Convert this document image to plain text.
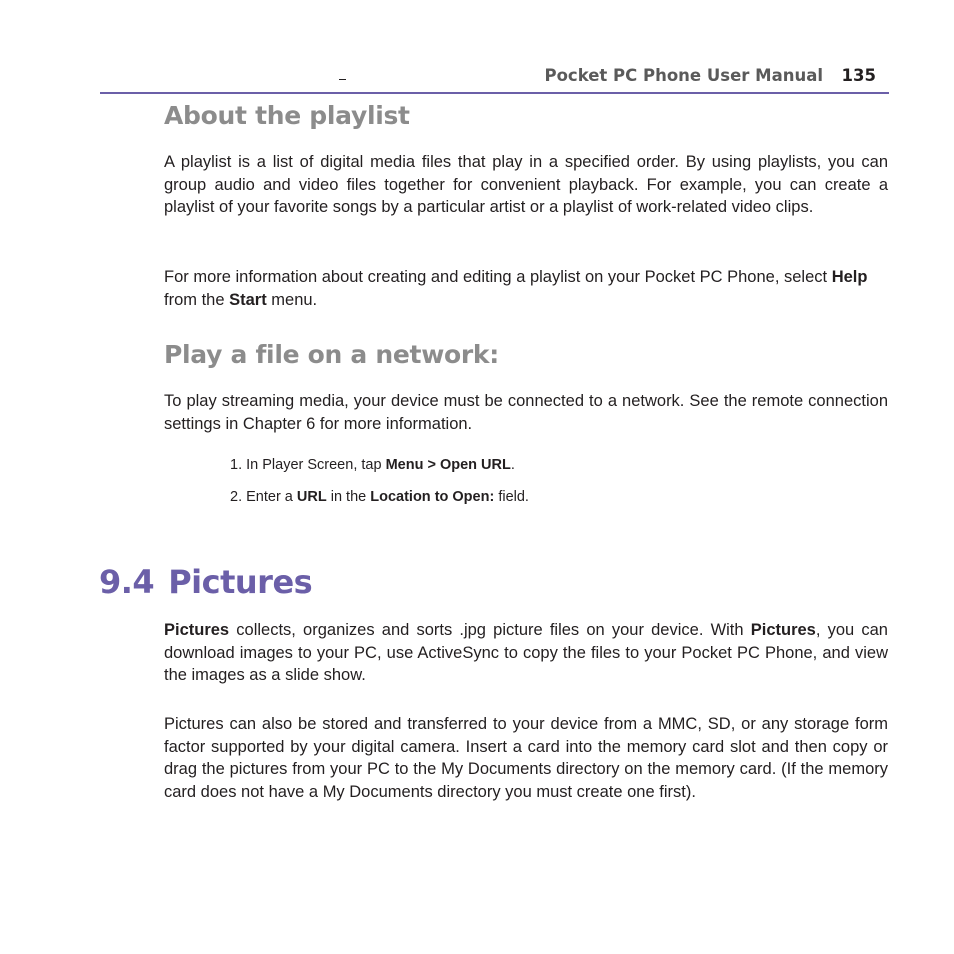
Pocket PC Phone User Manual 135
About the playlist

A playlist is a list of digital media files that play in a specified order. By using playlists, you can group audio and video files together for convenient playback. For example, you can create a playlist of your favorite songs by a particular artist or a playlist of work-related video clips.

For more information about creating and editing a playlist on your Pocket PC Phone, select Help from the Start menu.

Play a file on a network:

To play streaming media, your device must be connected to a network. See the remote connection settings in Chapter 6 for more information.

1. In Player Screen, tap Menu > Open URL.

2. Enter a URL in the Location to Open: field.

9.4 Pictures

Pictures collects, organizes and sorts .jpg picture files on your device. With Pictures, you can download images to your PC, use ActiveSync to copy the files to your Pocket PC Phone, and view the images as a slide show.

Pictures can also be stored and transferred to your device from a MMC, SD, or any storage form factor supported by your digital camera. Insert a card into the memory card slot and then copy or drag the pictures from your PC to the My Documents directory on the memory card. (If the memory card does not have a My Documents directory you must create one first).
